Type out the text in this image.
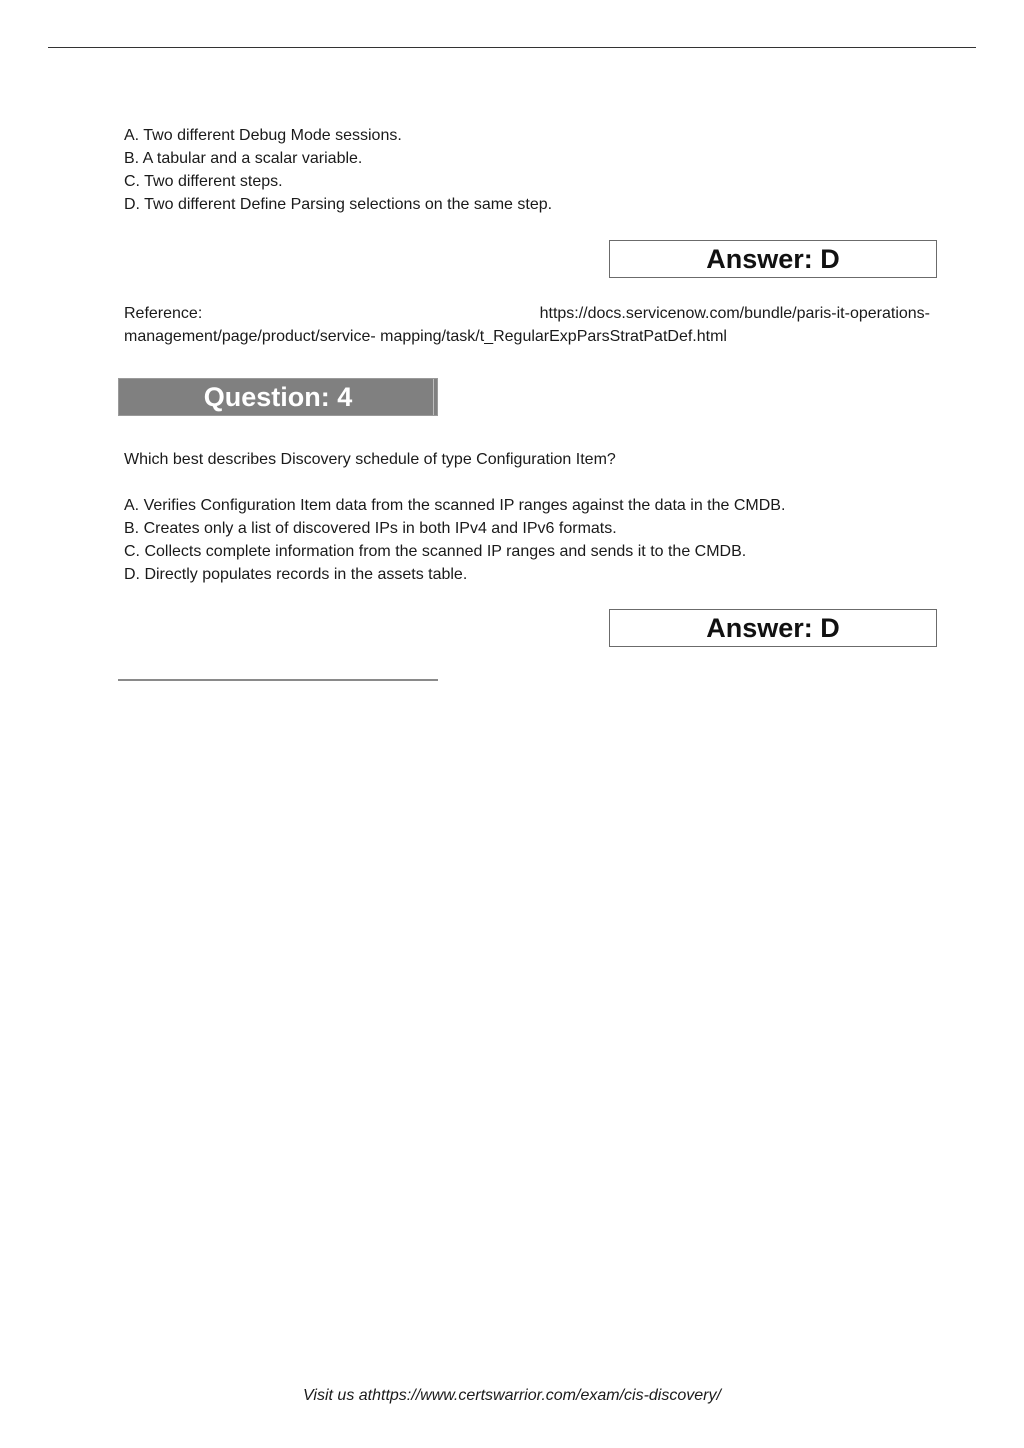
A. Two different Debug Mode sessions.
B. A tabular and a scalar variable.
C. Two different steps.
D. Two different Define Parsing selections on the same step.
Answer: D
Reference:	https://docs.servicenow.com/bundle/paris-it-operations-
management/page/product/service- mapping/task/t_RegularExpParsStratPatDef.html
Question: 4
Which best describes Discovery schedule of type Configuration Item?
A. Verifies Configuration Item data from the scanned IP ranges against the data in the CMDB.
B. Creates only a list of discovered IPs in both IPv4 and IPv6 formats.
C. Collects complete information from the scanned IP ranges and sends it to the CMDB.
D. Directly populates records in the assets table.
Answer: D
Visit us athttps://www.certswarrior.com/exam/cis-discovery/
